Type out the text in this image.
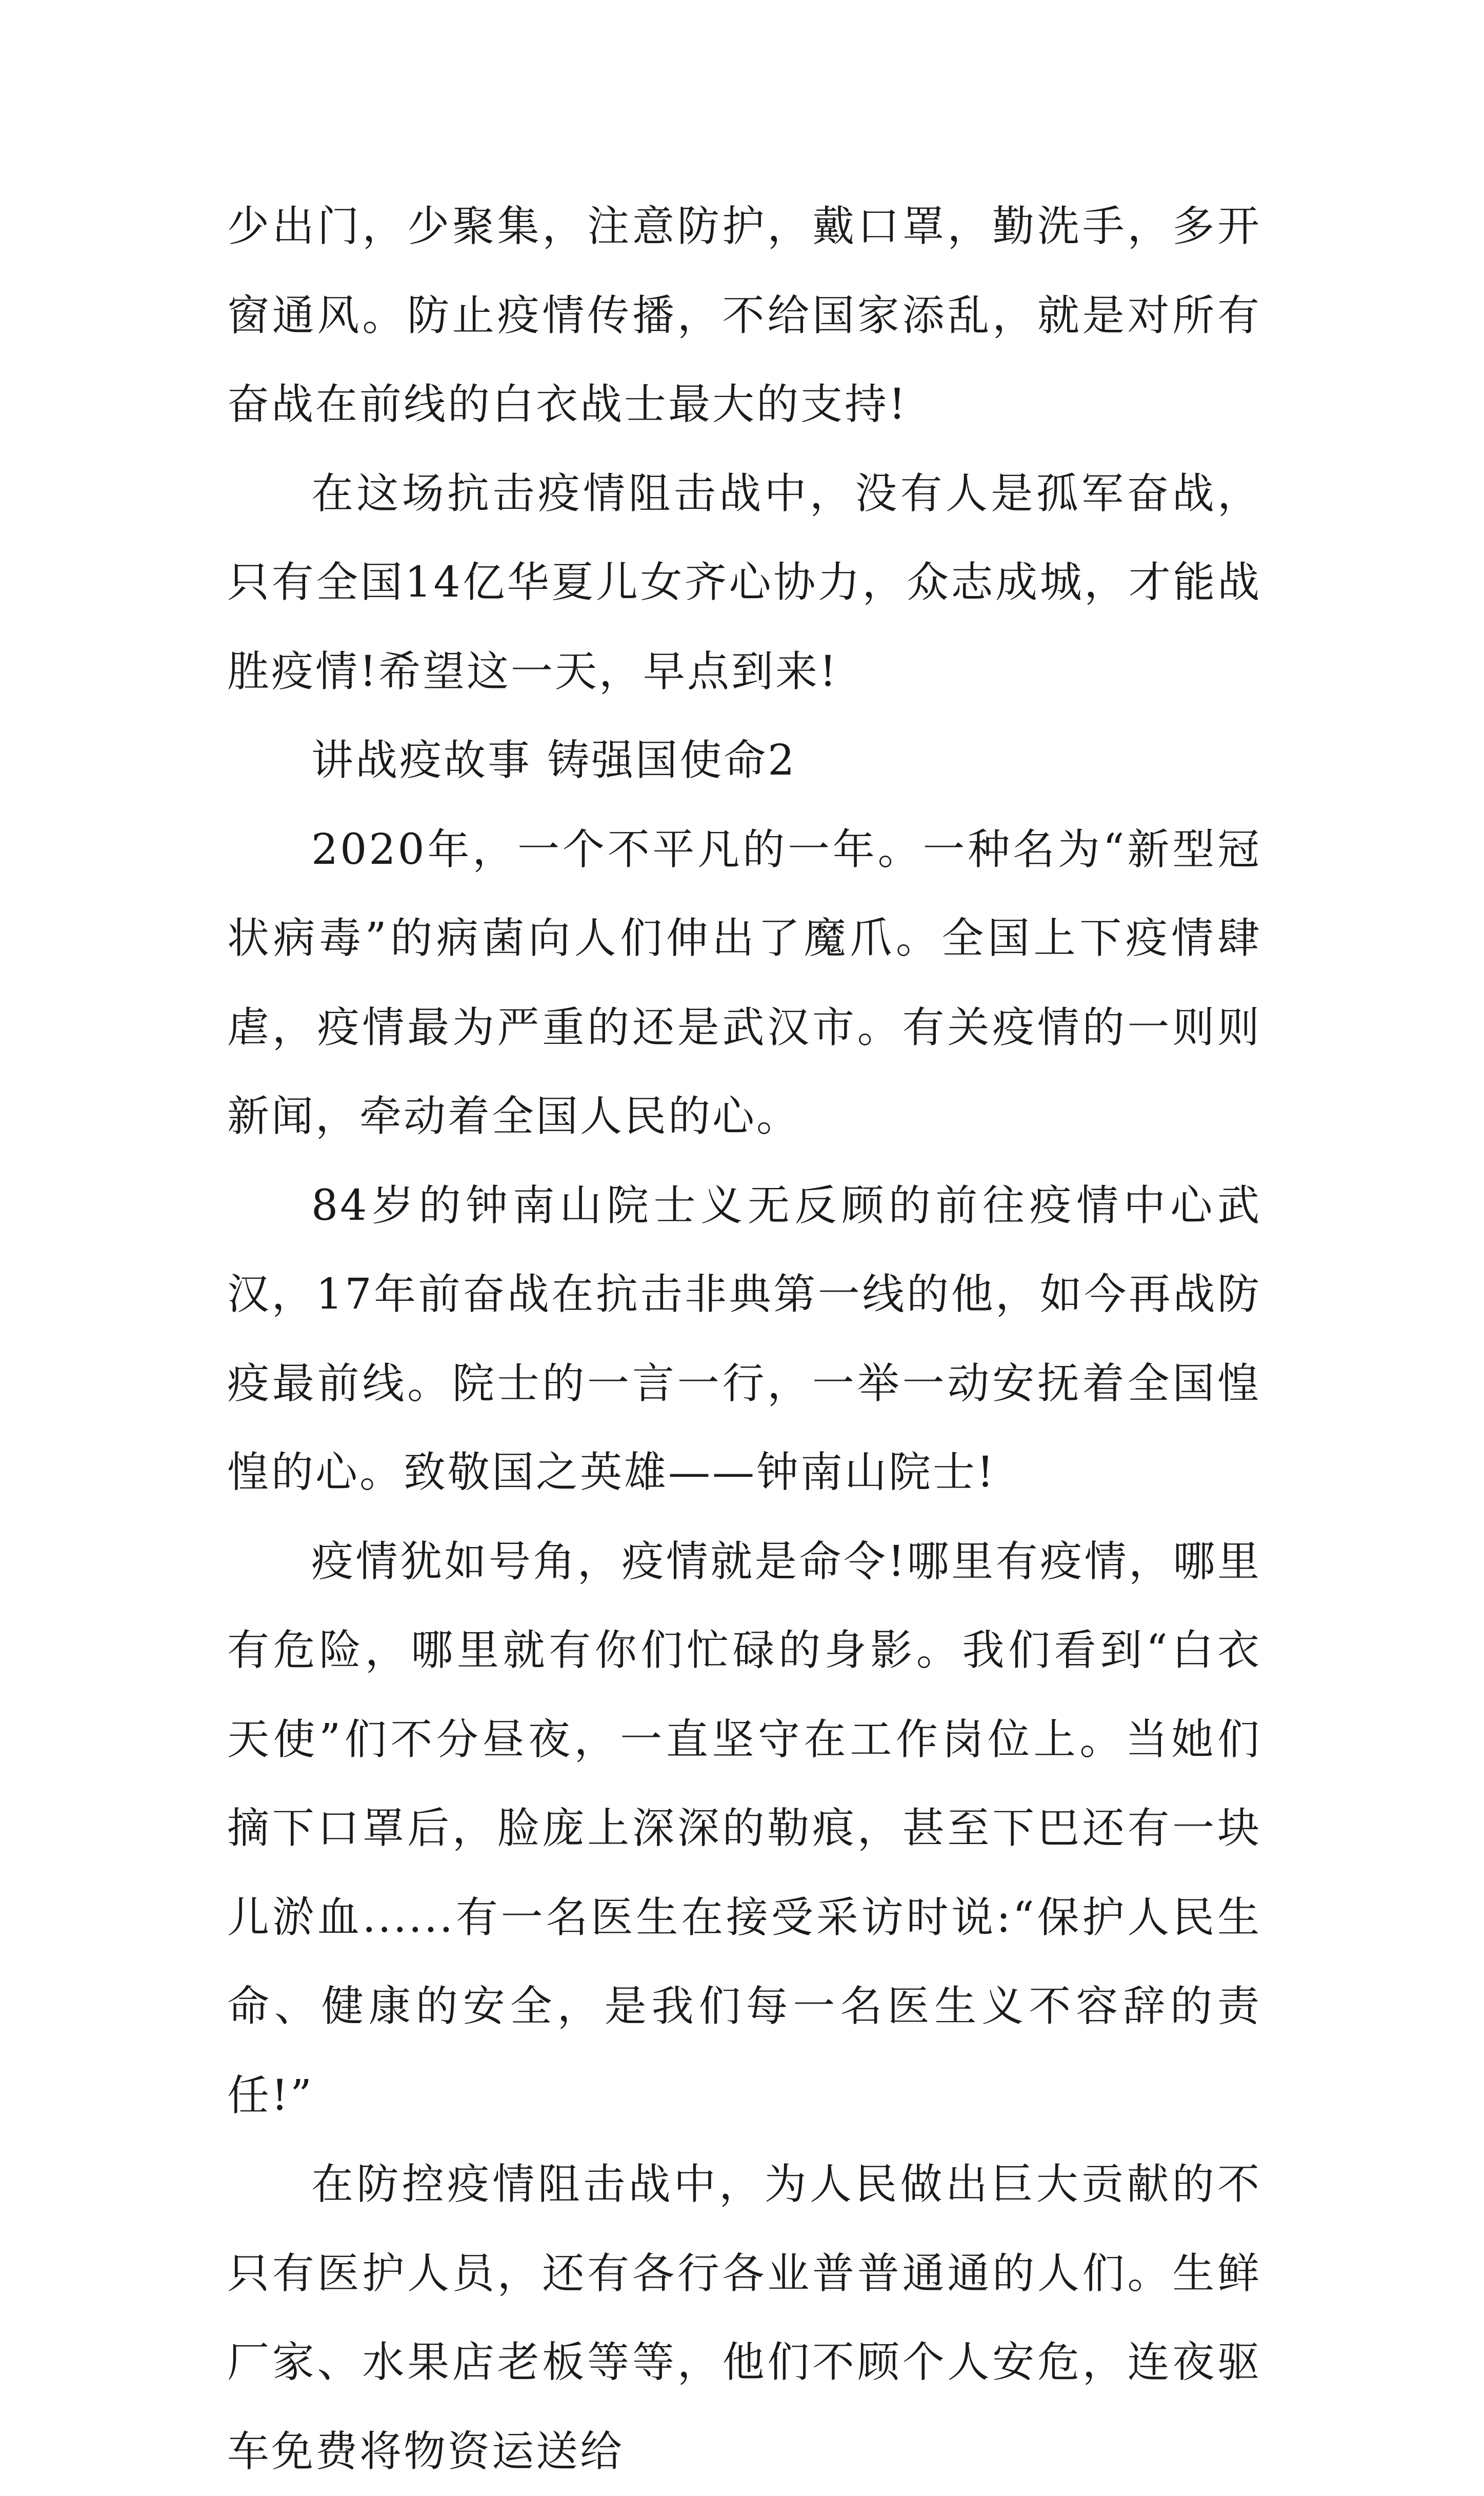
少出门，少聚集，注意防护，戴口罩，勤洗手，多开窗通风。防止疫情传播，不给国家添乱，就是对所有奋战在前线的白衣战士最大的支持!

在这场抗击疫情阻击战中，没有人是孤军奋战，只有全国14亿华夏儿女齐心协力，众志成城，才能战胜疫情!希望这一天，早点到来!

讲战疫故事 铸强国使命2

2020年，一个不平凡的一年。一种名为“新型冠状病毒”的病菌向人们伸出了魔爪。全国上下疫情肆虐，疫情最为严重的还是武汉市。有关疫情的一则则新闻，牵动着全国人民的心。

84岁的钟南山院士义无反顾的前往疫情中心武汉，17年前奋战在抗击非典第一线的他，如今再战防疫最前线。院士的一言一行，一举一动安抚着全国惶惶的心。致敬国之英雄——钟南山院士!

疫情犹如号角，疫情就是命令!哪里有疫情，哪里有危险，哪里就有你们忙碌的身影。我们看到“白衣天使”们不分昼夜，一直坚守在工作岗位上。当她们摘下口罩后，脸庞上深深的勒痕，甚至下巴还有一块儿淤血......有一名医生在接受采访时说:“保护人民生命、健康的安全，是我们每一名医生义不容辞的责任!”

在防控疫情阻击战中，为人民做出巨大贡献的不只有医护人员，还有各行各业普普通通的人们。生鲜厂家、水果店老板等等，他们不顾个人安危，连夜驱车免费将物资运送给
